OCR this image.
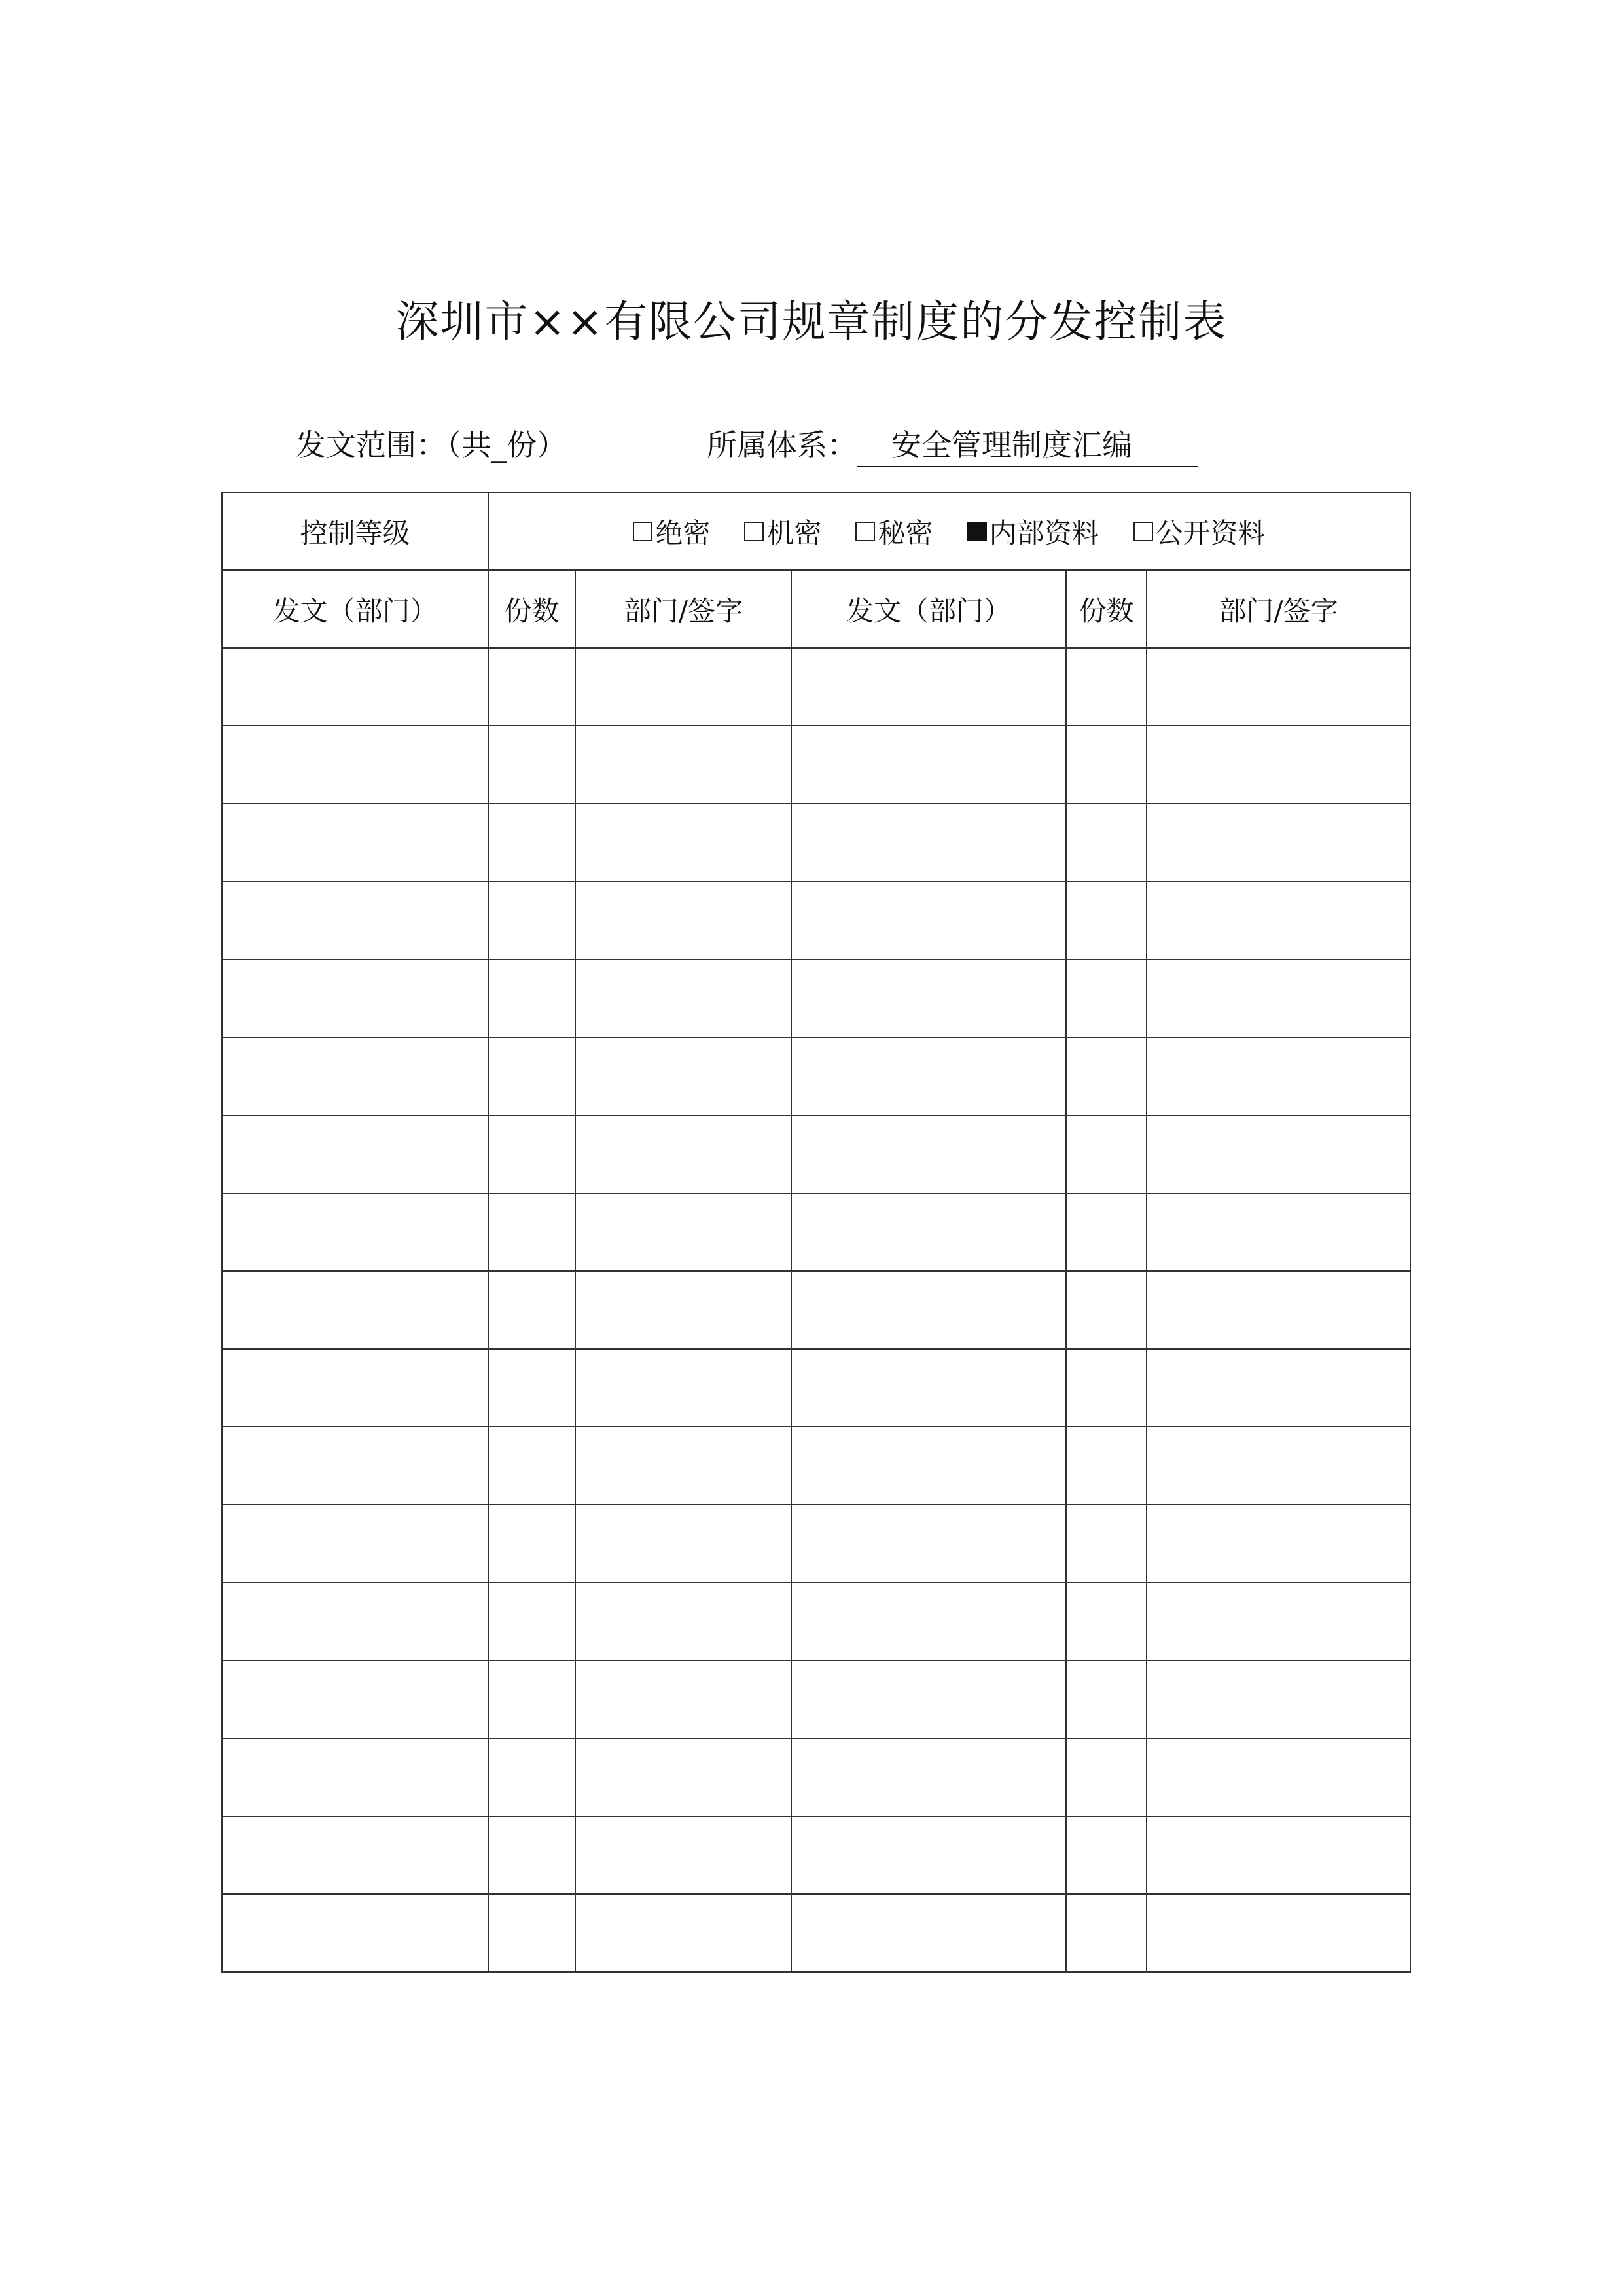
深圳市××有限公司规章制度的分发控制表
发文范围：（共_份）	所属体系： 安全管理制度汇编
控制等级	绝密 机密 秘密 内部资料 公开资料				

发文（部门）	份数	部门/签字	发文（部门）	份数	部门/签字
